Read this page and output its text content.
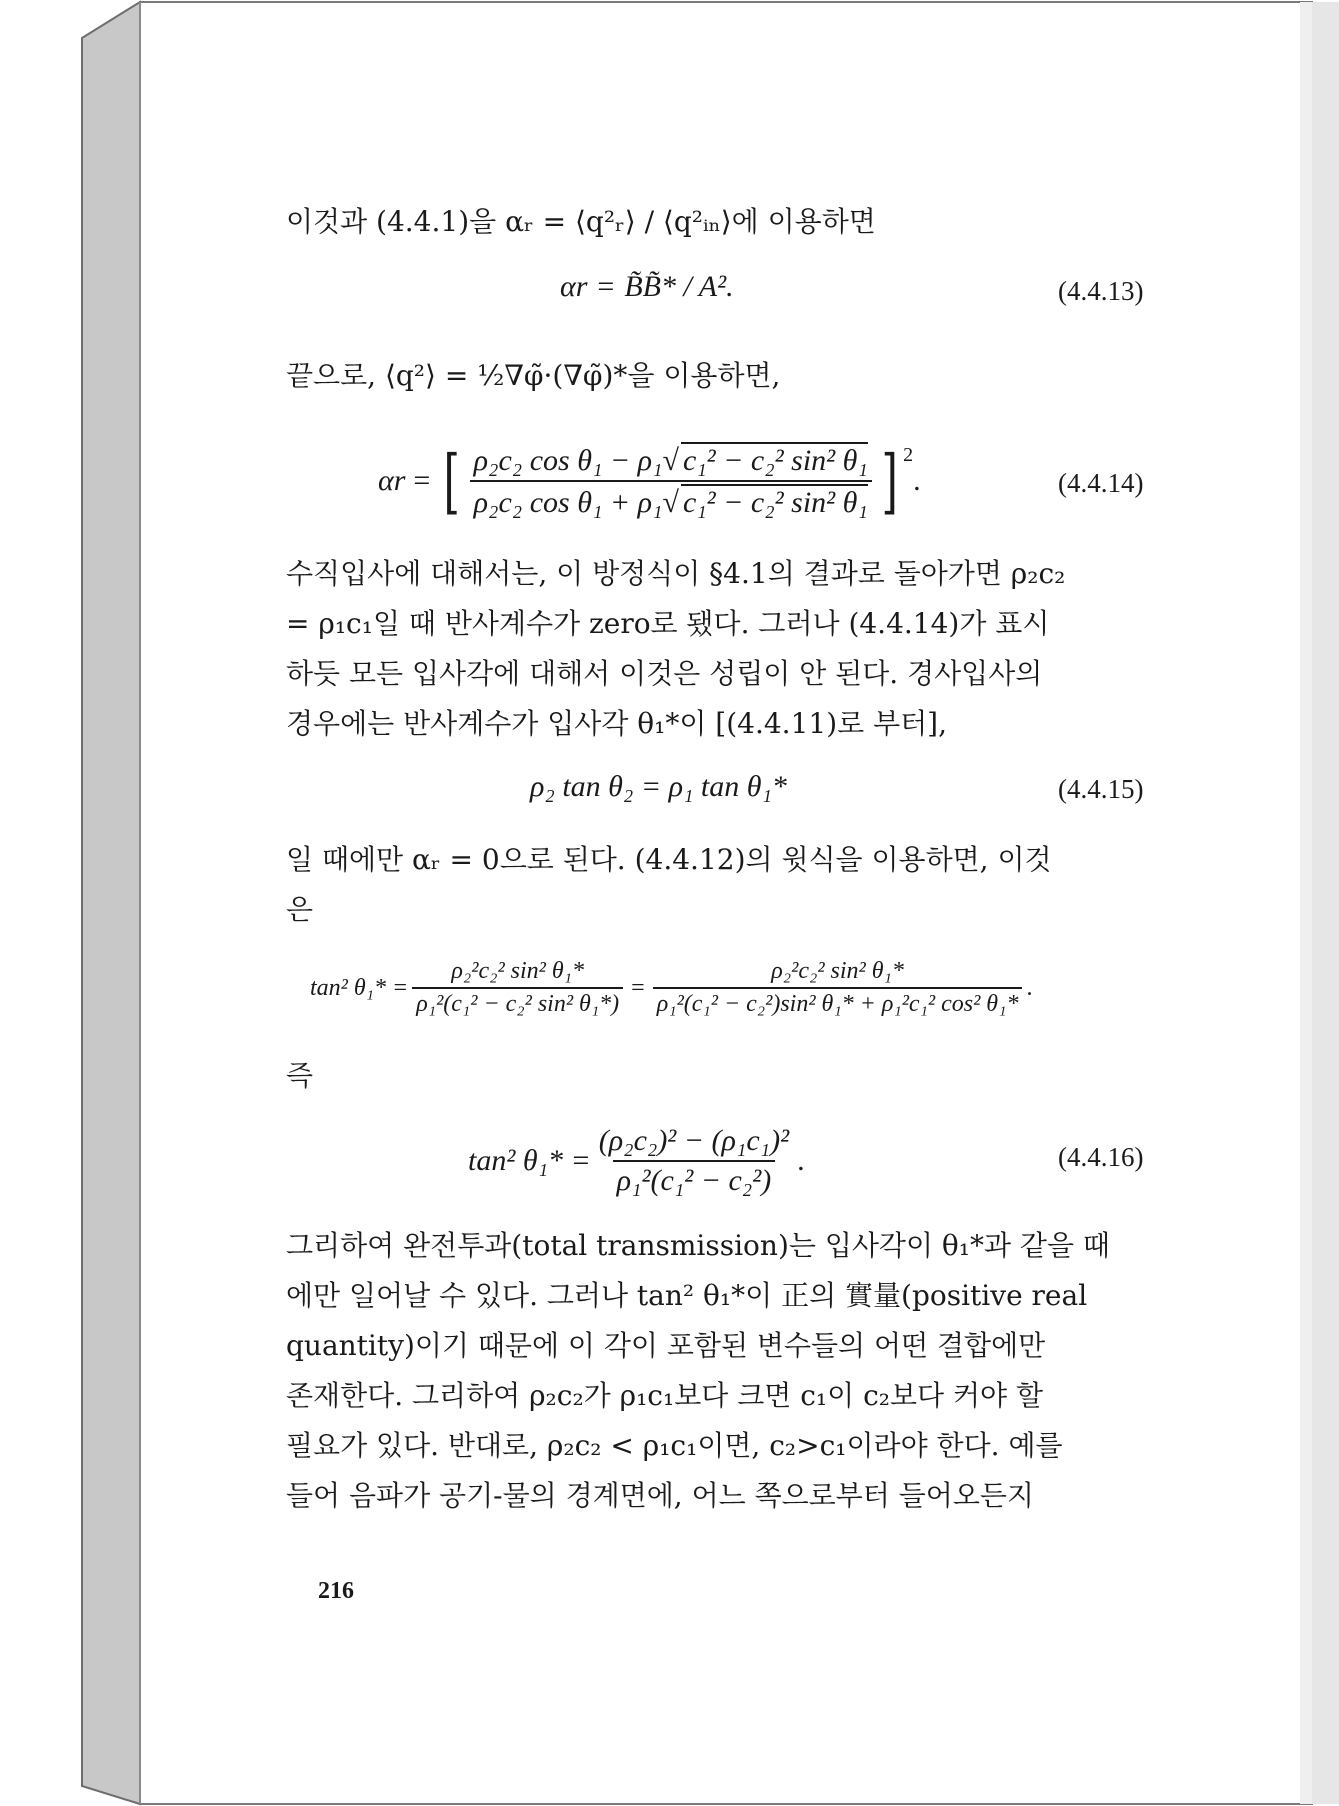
이것과 (4.4.1)을 αᵣ = ⟨q²ᵣ⟩ / ⟨q²ᵢₙ⟩에 이용하면
αr = B̃B̃* / A².	(4.4.13)
끝으로, ⟨q²⟩ = ½∇φ̃·(∇φ̃)*을 이용하면,
αr = [ $\frac{\text{ρ₂c₂ cos θ₁ − ρ₁√ c₁² − c₂² sin² θ₁}}{\text{ρ₂c₂ cos θ₁ + ρ₁√ c₁² − c₂² sin² θ₁}}$ ] 2
.	(4.4.14)
수직입사에 대해서는, 이 방정식이 §4.1의 결과로 돌아가면 ρ₂c₂
= ρ₁c₁일 때 반사계수가 zero로 됐다. 그러나 (4.4.14)가 표시
하듯 모든 입사각에 대해서 이것은 성립이 안 된다. 경사입사의
경우에는 반사계수가 입사각 θ₁*이 [(4.4.11)로 부터],
ρ₂ tan θ₂ = ρ₁ tan θ₁*	(4.4.15)
일 때에만 αᵣ = 0으로 된다. (4.4.12)의 윗식을 이용하면, 이것
은
tan² $\theta_1* = \frac{\text{ρ₂²c₂² sin² θ₁*}}{\text{ρ₁²(c₁² − c₂² sin² θ₁*)}} = \frac{\text{ρ₂²c₂² sin² θ₁*}}{\text{ρ₁²(c₁² − c₂²)sin² θ₁* + ρ₁²c₁² cos² θ₁*}}$ .
즉
tan² $\theta_1* = \frac{\text{(ρ₂c₂)² − (ρ₁c₁)²}}{\text{ρ₁²(c₁² − c₂²)}}$ .	(4.4.16)
그리하여 완전투과(total transmission)는 입사각이 θ₁*과 같을 때
에만 일어날 수 있다. 그러나 tan² θ₁*이 正의 實量(positive real
quantity)이기 때문에 이 각이 포함된 변수들의 어떤 결합에만
존재한다. 그리하여 ρ₂c₂가 ρ₁c₁보다 크면 c₁이 c₂보다 커야 할
필요가 있다. 반대로, ρ₂c₂ < ρ₁c₁이면, c₂>c₁이라야 한다. 예를
들어 음파가 공기-물의 경계면에, 어느 쪽으로부터 들어오든지
216
